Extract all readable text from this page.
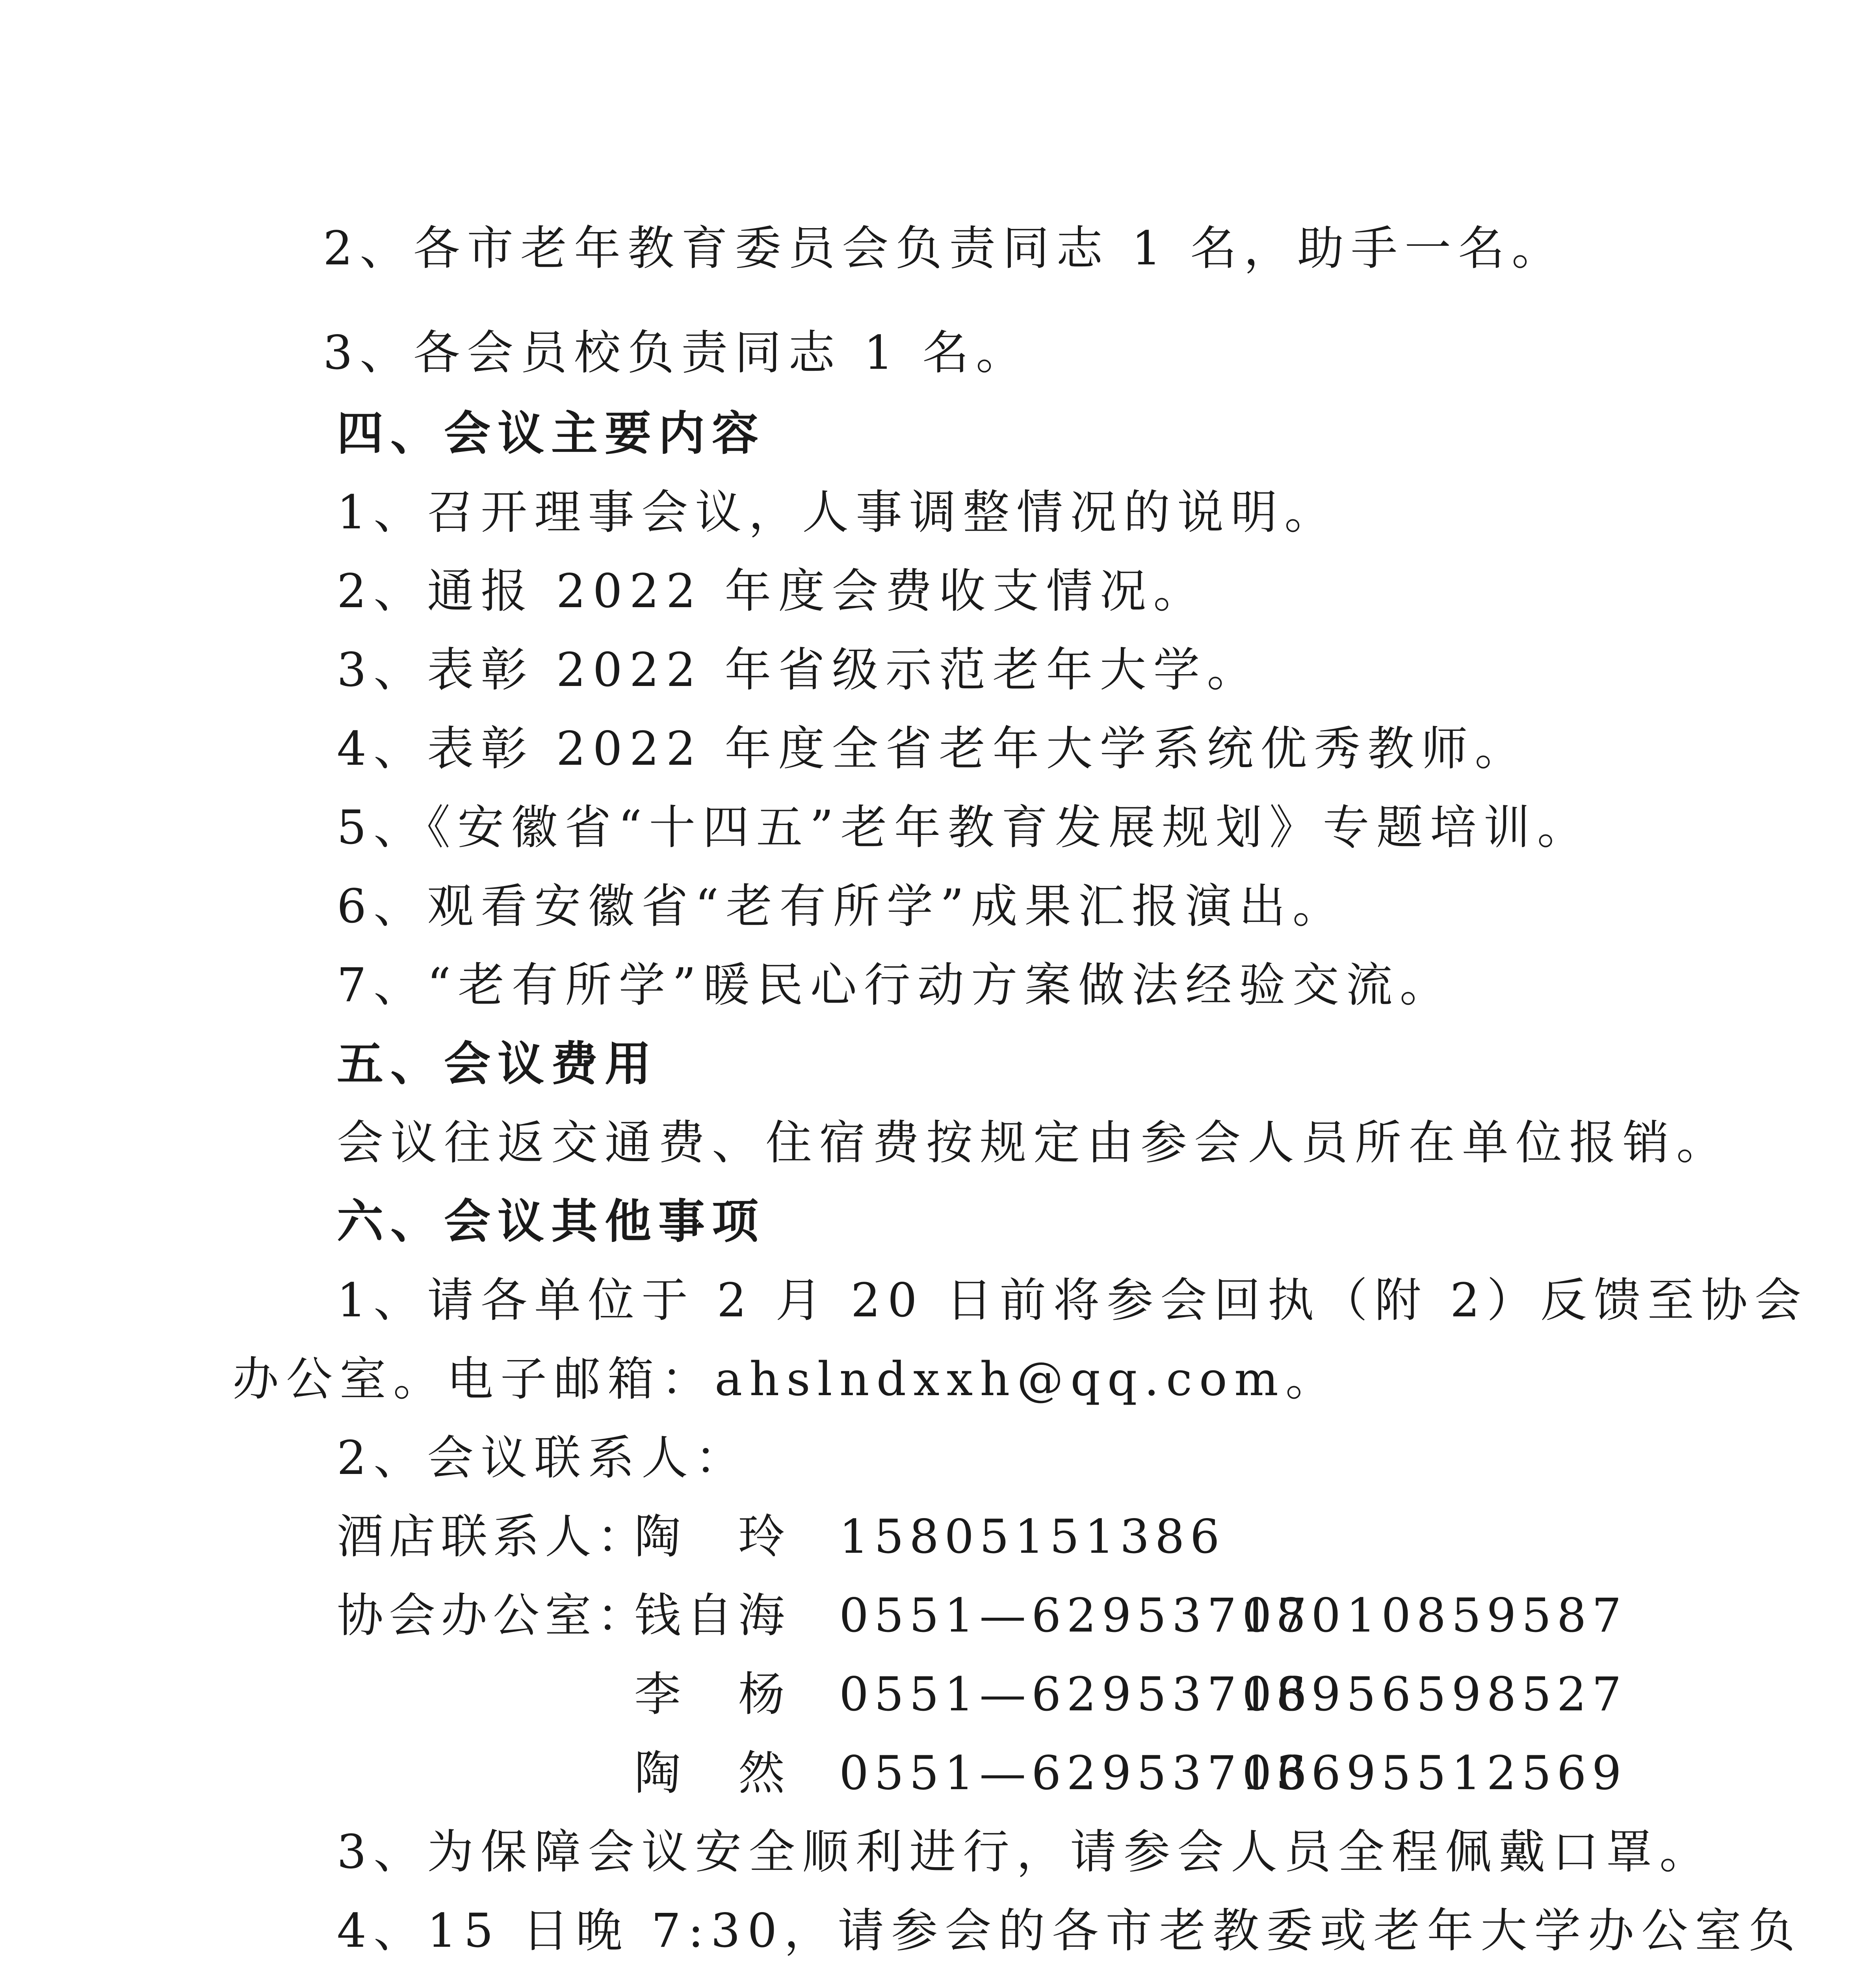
2、各市老年教育委员会负责同志 1 名，助手一名。
3、各会员校负责同志 1 名。
四、会议主要内容
1、召开理事会议，人事调整情况的说明。
2、通报 2022 年度会费收支情况。
3、表彰 2022 年省级示范老年大学。
4、表彰 2022 年度全省老年大学系统优秀教师。
5、《安徽省“十四五”老年教育发展规划》专题培训。
6、观看安徽省“老有所学”成果汇报演出。
7、“老有所学”暖民心行动方案做法经验交流。
五、会议费用
会议往返交通费、住宿费按规定由参会人员所在单位报销。
六、会议其他事项
1、请各单位于 2 月 20 日前将参会回执（附 2）反馈至协会
办公室。电子邮箱：ahslndxxh@qq.com。
2、会议联系人：
酒店联系人：
陶　玲 15805151386
协会办公室：
钱自海 0551—62953707
18010859587
李　杨 0551—62953706
18956598527
陶　然 0551—62953706
13695512569
3、为保障会议安全顺利进行，请参会人员全程佩戴口罩。
4、15 日晚 7:30，请参会的各市老教委或老年大学办公室负
